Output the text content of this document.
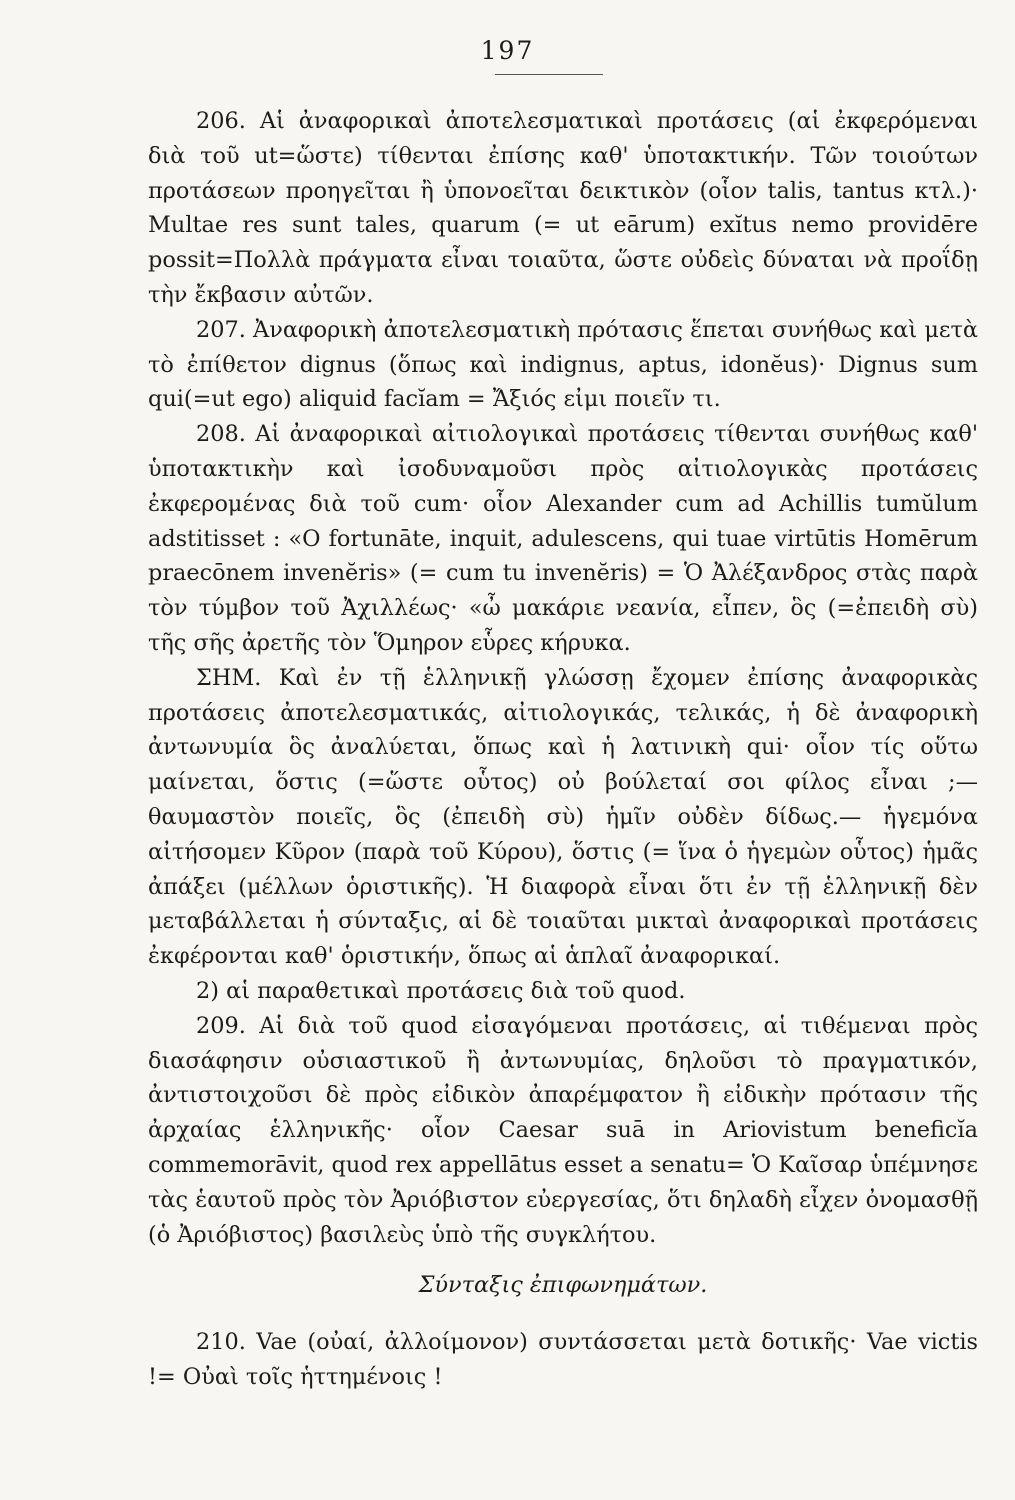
197

206. Αἱ ἀναφορικαὶ ἀποτελεσματικαὶ προτάσεις (αἱ ἐκφερόμεναι διὰ τοῦ ut=ὥστε) τίθενται ἐπίσης καθ' ὑποτακτικήν. Τῶν τοιούτων προτάσεων προηγεῖται ἢ ὑπονοεῖται δεικτικὸν (οἷον talis, tantus κτλ.)· Multae res sunt tales, quarum (= ut eārum) exĭtus nemo providēre possit=Πολλὰ πράγματα εἶναι τοιαῦτα, ὥστε οὐδεὶς δύναται νὰ προΐδῃ τὴν ἔκβασιν αὐτῶν.

207. Ἀναφορικὴ ἀποτελεσματικὴ πρότασις ἕπεται συνήθως καὶ μετὰ τὸ ἐπίθετον dignus (ὅπως καὶ indignus, aptus, idonĕus)· Dignus sum qui(=ut ego) aliquid facĭam = Ἄξιός εἰμι ποιεῖν τι.

208. Αἱ ἀναφορικαὶ αἰτιολογικαὶ προτάσεις τίθενται συνήθως καθ' ὑποτακτικὴν καὶ ἰσοδυναμοῦσι πρὸς αἰτιολογικὰς προτάσεις ἐκφερομένας διὰ τοῦ cum· οἷον Alexander cum ad Achillis tumŭlum adstitisset : «O fortunāte, inquit, adulescens, qui tuae virtūtis Homērum praecōnem invenĕris» (= cum tu invenĕris) = Ὁ Ἀλέξανδρος στὰς παρὰ τὸν τύμβον τοῦ Ἀχιλλέως· «ὦ μακάριε νεανία, εἶπεν, ὃς (=ἐπειδὴ σὺ) τῆς σῆς ἀρετῆς τὸν Ὅμηρον εὗρες κήρυκα.

ΣΗΜ. Καὶ ἐν τῇ ἑλληνικῇ γλώσσῃ ἔχομεν ἐπίσης ἀναφορικὰς προτάσεις ἀποτελεσματικάς, αἰτιολογικάς, τελικάς, ἡ δὲ ἀναφορικὴ ἀντωνυμία ὃς ἀναλύεται, ὅπως καὶ ἡ λατινικὴ qui· οἷον τίς οὕτω μαίνεται, ὅστις (=ὥστε οὗτος) οὐ βούλεταί σοι φίλος εἶναι ;—θαυμαστὸν ποιεῖς, ὃς (ἐπειδὴ σὺ) ἡμῖν οὐδὲν δίδως.— ἡγεμόνα αἰτήσομεν Κῦρον (παρὰ τοῦ Κύρου), ὅστις (= ἵνα ὁ ἡγεμὼν οὗτος) ἡμᾶς ἀπάξει (μέλλων ὁριστικῆς). Ἡ διαφορὰ εἶναι ὅτι ἐν τῇ ἑλληνικῇ δὲν μεταβάλλεται ἡ σύνταξις, αἱ δὲ τοιαῦται μικταὶ ἀναφορικαὶ προτάσεις ἐκφέρονται καθ' ὁριστικήν, ὅπως αἱ ἁπλαῖ ἀναφορικαί.

2) αἱ παραθετικαὶ προτάσεις διὰ τοῦ quod.

209. Αἱ διὰ τοῦ quod εἰσαγόμεναι προτάσεις, αἱ τιθέμεναι πρὸς διασάφησιν οὐσιαστικοῦ ἢ ἀντωνυμίας, δηλοῦσι τὸ πραγματικόν, ἀντιστοιχοῦσι δὲ πρὸς εἰδικὸν ἀπαρέμφατον ἢ εἰδικὴν πρότασιν τῆς ἀρχαίας ἑλληνικῆς· οἷον Caesar suā in Ariovistum beneficĭa commemorāvit, quod rex appellātus esset a senatu= Ὁ Καῖσαρ ὑπέμνησε τὰς ἑαυτοῦ πρὸς τὸν Ἀριόβιστον εὐεργεσίας, ὅτι δηλαδὴ εἶχεν ὀνομασθῇ (ὁ Ἀριόβιστος) βασιλεὺς ὑπὸ τῆς συγκλήτου.

Σύνταξις ἐπιφωνημάτων.

210. Vae (οὐαί, ἀλλοίμονον) συντάσσεται μετὰ δοτικῆς· Vae victis != Οὐαὶ τοῖς ἡττημένοις !
